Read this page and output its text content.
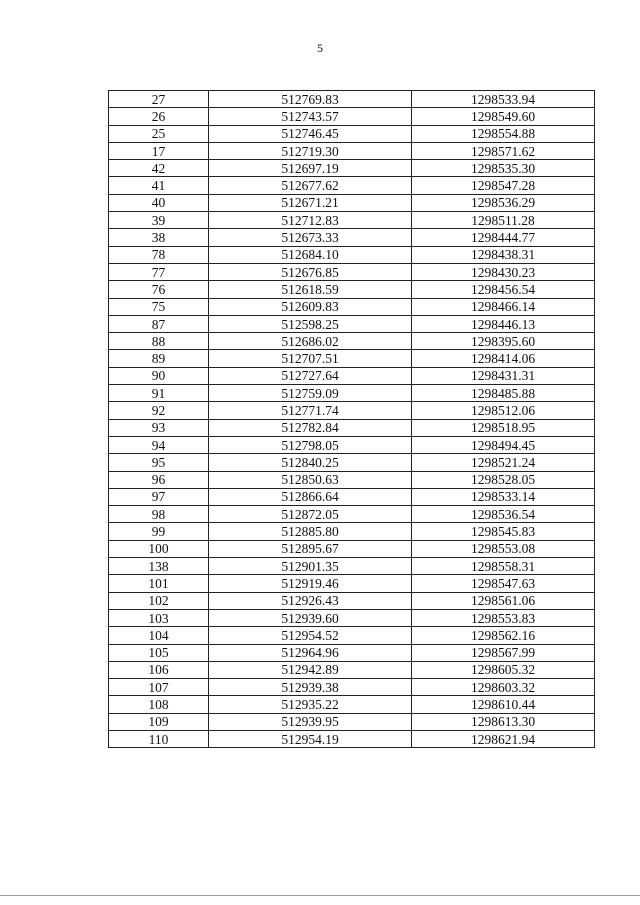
5
27	512769.83	1298533.94
26	512743.57	1298549.60
25	512746.45	1298554.88
17	512719.30	1298571.62
42	512697.19	1298535.30
41	512677.62	1298547.28
40	512671.21	1298536.29
39	512712.83	1298511.28
38	512673.33	1298444.77
78	512684.10	1298438.31
77	512676.85	1298430.23
76	512618.59	1298456.54
75	512609.83	1298466.14
87	512598.25	1298446.13
88	512686.02	1298395.60
89	512707.51	1298414.06
90	512727.64	1298431.31
91	512759.09	1298485.88
92	512771.74	1298512.06
93	512782.84	1298518.95
94	512798.05	1298494.45
95	512840.25	1298521.24
96	512850.63	1298528.05
97	512866.64	1298533.14
98	512872.05	1298536.54
99	512885.80	1298545.83
100	512895.67	1298553.08
138	512901.35	1298558.31
101	512919.46	1298547.63
102	512926.43	1298561.06
103	512939.60	1298553.83
104	512954.52	1298562.16
105	512964.96	1298567.99
106	512942.89	1298605.32
107	512939.38	1298603.32
108	512935.22	1298610.44
109	512939.95	1298613.30
110	512954.19	1298621.94
